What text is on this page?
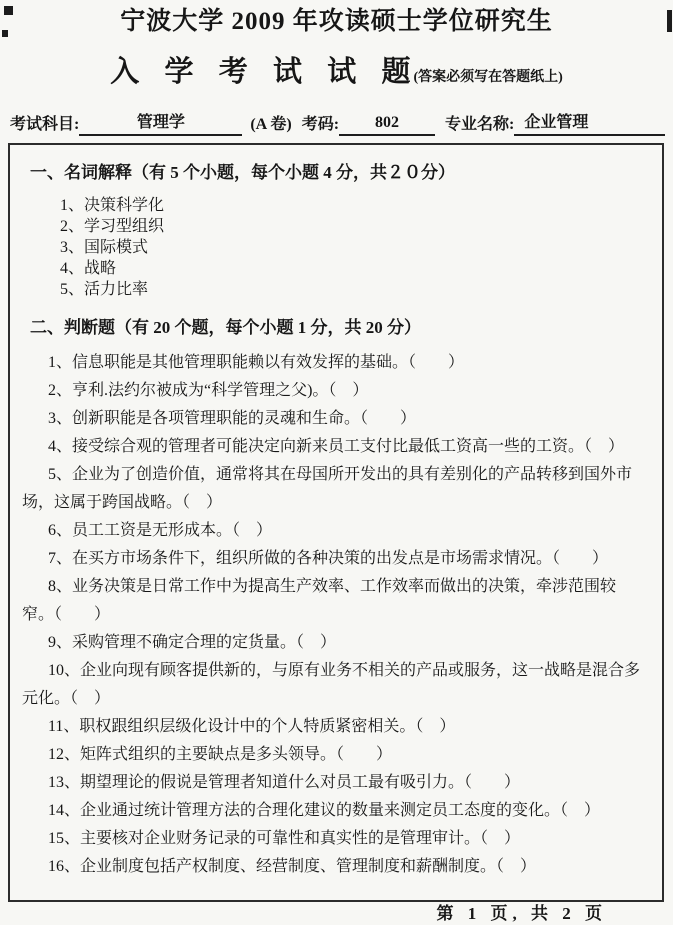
宁波大学 2009 年攻读硕士学位研究生
入 学 考 试 试 题(答案必须写在答题纸上)
考试科目:	管理学	(A 卷) 考码:	802	专业名称: 企业管理
一、名词解释（有 5 个小题，每个小题 4 分，共２０分）
1、决策科学化
2、学习型组织
3、国际模式
4、战略
5、活力比率
二、判断题（有 20 个题，每个小题 1 分，共 20 分）

1、信息职能是其他管理职能赖以有效发挥的基础。（　　）

2、亨利.法约尔被成为“科学管理之父)。（　）

3、创新职能是各项管理职能的灵魂和生命。（　　）

4、接受综合观的管理者可能决定向新来员工支付比最低工资高一些的工资。（　）

5、企业为了创造价值，通常将其在母国所开发出的具有差别化的产品转移到国外市场，这属于跨国战略。（　）

6、员工工资是无形成本。（　）

7、在买方市场条件下，组织所做的各种决策的出发点是市场需求情况。（　　）

8、业务决策是日常工作中为提高生产效率、工作效率而做出的决策，牵涉范围较窄。（　　）

9、采购管理不确定合理的定货量。（　）

10、企业向现有顾客提供新的，与原有业务不相关的产品或服务，这一战略是混合多元化。（　）

11、职权跟组织层级化设计中的个人特质紧密相关。（　）

12、矩阵式组织的主要缺点是多头领导。（　　）

13、期望理论的假说是管理者知道什么对员工最有吸引力。（　　）

14、企业通过统计管理方法的合理化建议的数量来测定员工态度的变化。（　）

15、主要核对企业财务记录的可靠性和真实性的是管理审计。（　）

16、企业制度包括产权制度、经营制度、管理制度和薪酬制度。（　）

第 1 页, 共 2 页
